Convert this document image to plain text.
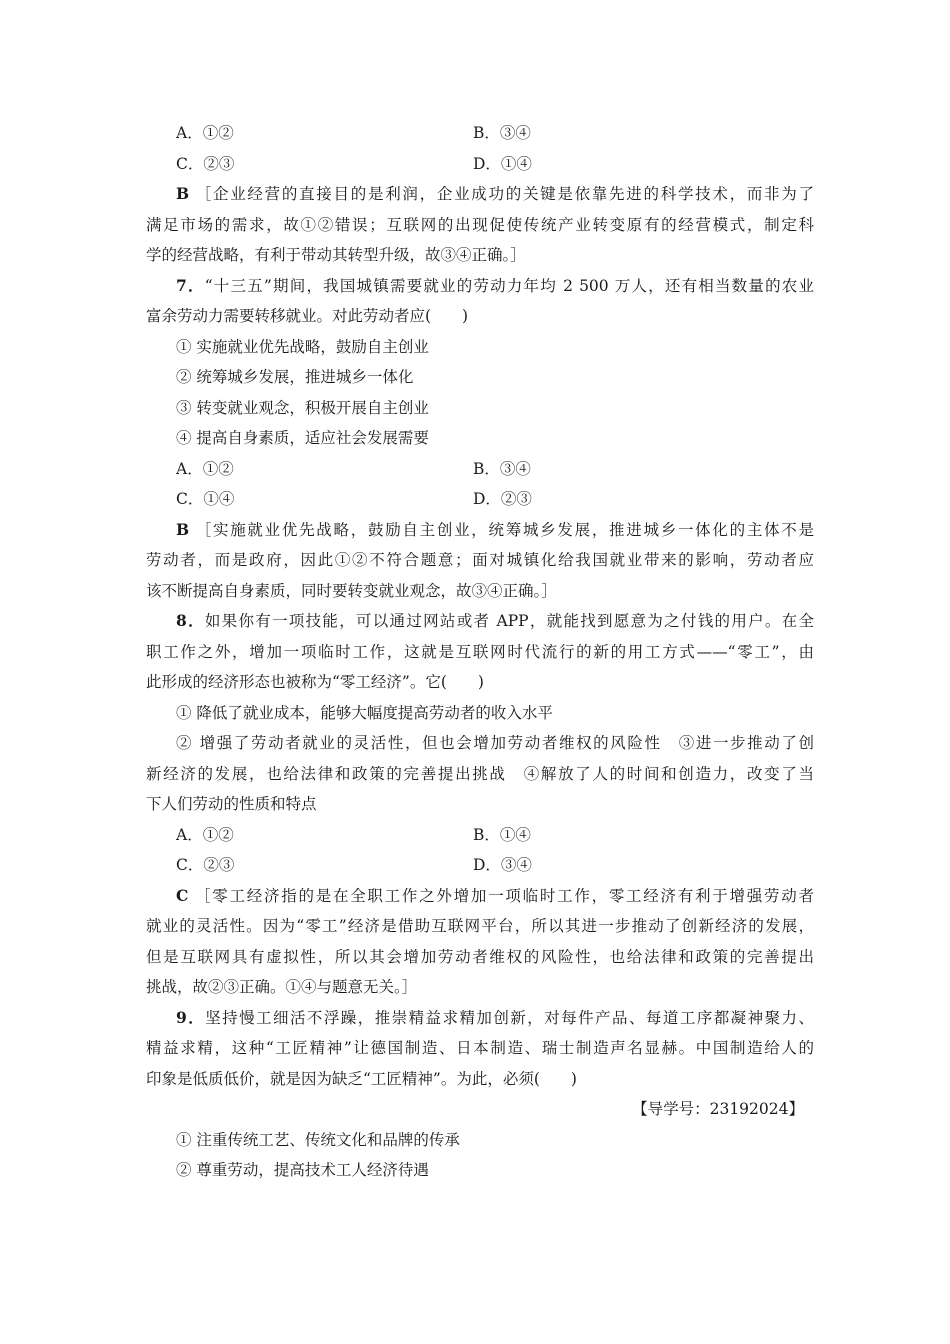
A．①②	B．③④
C．②③	D．①④
B ［企业经营的直接目的是利润，企业成功的关键是依靠先进的科学技术，而非为了
满足市场的需求，故①②错误；互联网的出现促使传统产业转变原有的经营模式，制定科
学的经营战略，有利于带动其转型升级，故③④正确。］
7．“十三五”期间，我国城镇需要就业的劳动力年均 2 500 万人，还有相当数量的农业
富余劳动力需要转移就业。对此劳动者应(　　)
① 实施就业优先战略，鼓励自主创业
② 统筹城乡发展，推进城乡一体化
③ 转变就业观念，积极开展自主创业
④ 提高自身素质，适应社会发展需要
A．①②	B．③④
C．①④	D．②③
B ［实施就业优先战略，鼓励自主创业，统筹城乡发展，推进城乡一体化的主体不是
劳动者，而是政府，因此①②不符合题意；面对城镇化给我国就业带来的影响，劳动者应
该不断提高自身素质，同时要转变就业观念，故③④正确。］
8．如果你有一项技能，可以通过网站或者 APP，就能找到愿意为之付钱的用户。在全
职工作之外，增加一项临时工作，这就是互联网时代流行的新的用工方式——“零工”，由
此形成的经济形态也被称为“零工经济”。它(　　)
① 降低了就业成本，能够大幅度提高劳动者的收入水平
② 增强了劳动者就业的灵活性，但也会增加劳动者维权的风险性　③进一步推动了创
新经济的发展，也给法律和政策的完善提出挑战　④解放了人的时间和创造力，改变了当
下人们劳动的性质和特点
A．①②	B．①④
C．②③	D．③④
C ［零工经济指的是在全职工作之外增加一项临时工作，零工经济有利于增强劳动者
就业的灵活性。因为“零工”经济是借助互联网平台，所以其进一步推动了创新经济的发展，
但是互联网具有虚拟性，所以其会增加劳动者维权的风险性，也给法律和政策的完善提出
挑战，故②③正确。①④与题意无关。］
9．坚持慢工细活不浮躁，推崇精益求精加创新，对每件产品、每道工序都凝神聚力、
精益求精，这种“工匠精神”让德国制造、日本制造、瑞士制造声名显赫。中国制造给人的
印象是低质低价，就是因为缺乏“工匠精神”。为此，必须(　　)
【导学号：23192024】
① 注重传统工艺、传统文化和品牌的传承
② 尊重劳动，提高技术工人经济待遇
